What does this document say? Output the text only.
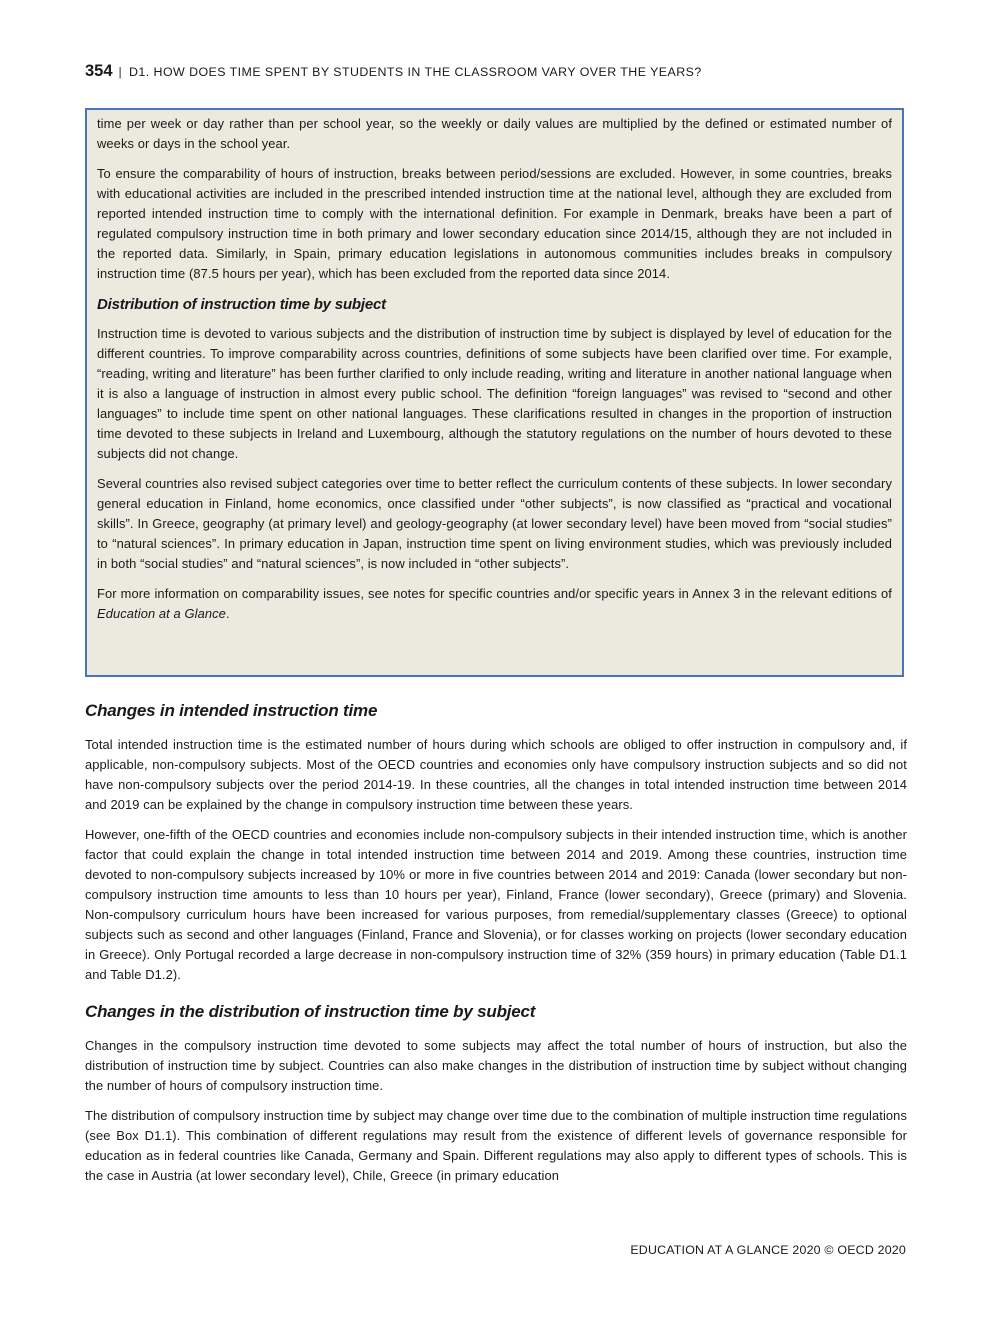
354 | D1. HOW DOES TIME SPENT BY STUDENTS IN THE CLASSROOM VARY OVER THE YEARS?

time per week or day rather than per school year, so the weekly or daily values are multiplied by the defined or estimated number of weeks or days in the school year.

To ensure the comparability of hours of instruction, breaks between period/sessions are excluded. However, in some countries, breaks with educational activities are included in the prescribed intended instruction time at the national level, although they are excluded from reported intended instruction time to comply with the international definition. For example in Denmark, breaks have been a part of regulated compulsory instruction time in both primary and lower secondary education since 2014/15, although they are not included in the reported data. Similarly, in Spain, primary education legislations in autonomous communities includes breaks in compulsory instruction time (87.5 hours per year), which has been excluded from the reported data since 2014.

Distribution of instruction time by subject

Instruction time is devoted to various subjects and the distribution of instruction time by subject is displayed by level of education for the different countries. To improve comparability across countries, definitions of some subjects have been clarified over time. For example, “reading, writing and literature” has been further clarified to only include reading, writing and literature in another national language when it is also a language of instruction in almost every public school. The definition “foreign languages” was revised to “second and other languages” to include time spent on other national languages. These clarifications resulted in changes in the proportion of instruction time devoted to these subjects in Ireland and Luxembourg, although the statutory regulations on the number of hours devoted to these subjects did not change.

Several countries also revised subject categories over time to better reflect the curriculum contents of these subjects. In lower secondary general education in Finland, home economics, once classified under “other subjects”, is now classified as “practical and vocational skills”. In Greece, geography (at primary level) and geology-geography (at lower secondary level) have been moved from “social studies” to “natural sciences”. In primary education in Japan, instruction time spent on living environment studies, which was previously included in both “social studies” and “natural sciences”, is now included in “other subjects”.

For more information on comparability issues, see notes for specific countries and/or specific years in Annex 3 in the relevant editions of Education at a Glance.

Changes in intended instruction time

Total intended instruction time is the estimated number of hours during which schools are obliged to offer instruction in compulsory and, if applicable, non-compulsory subjects. Most of the OECD countries and economies only have compulsory instruction subjects and so did not have non-compulsory subjects over the period 2014-19. In these countries, all the changes in total intended instruction time between 2014 and 2019 can be explained by the change in compulsory instruction time between these years.

However, one-fifth of the OECD countries and economies include non-compulsory subjects in their intended instruction time, which is another factor that could explain the change in total intended instruction time between 2014 and 2019. Among these countries, instruction time devoted to non-compulsory subjects increased by 10% or more in five countries between 2014 and 2019: Canada (lower secondary but non-compulsory instruction time amounts to less than 10 hours per year), Finland, France (lower secondary), Greece (primary) and Slovenia. Non-compulsory curriculum hours have been increased for various purposes, from remedial/supplementary classes (Greece) to optional subjects such as second and other languages (Finland, France and Slovenia), or for classes working on projects (lower secondary education in Greece). Only Portugal recorded a large decrease in non-compulsory instruction time of 32% (359 hours) in primary education (Table D1.1 and Table D1.2).

Changes in the distribution of instruction time by subject

Changes in the compulsory instruction time devoted to some subjects may affect the total number of hours of instruction, but also the distribution of instruction time by subject. Countries can also make changes in the distribution of instruction time by subject without changing the number of hours of compulsory instruction time.

The distribution of compulsory instruction time by subject may change over time due to the combination of multiple instruction time regulations (see Box D1.1). This combination of different regulations may result from the existence of different levels of governance responsible for education as in federal countries like Canada, Germany and Spain. Different regulations may also apply to different types of schools. This is the case in Austria (at lower secondary level), Chile, Greece (in primary education

EDUCATION AT A GLANCE 2020 © OECD 2020
